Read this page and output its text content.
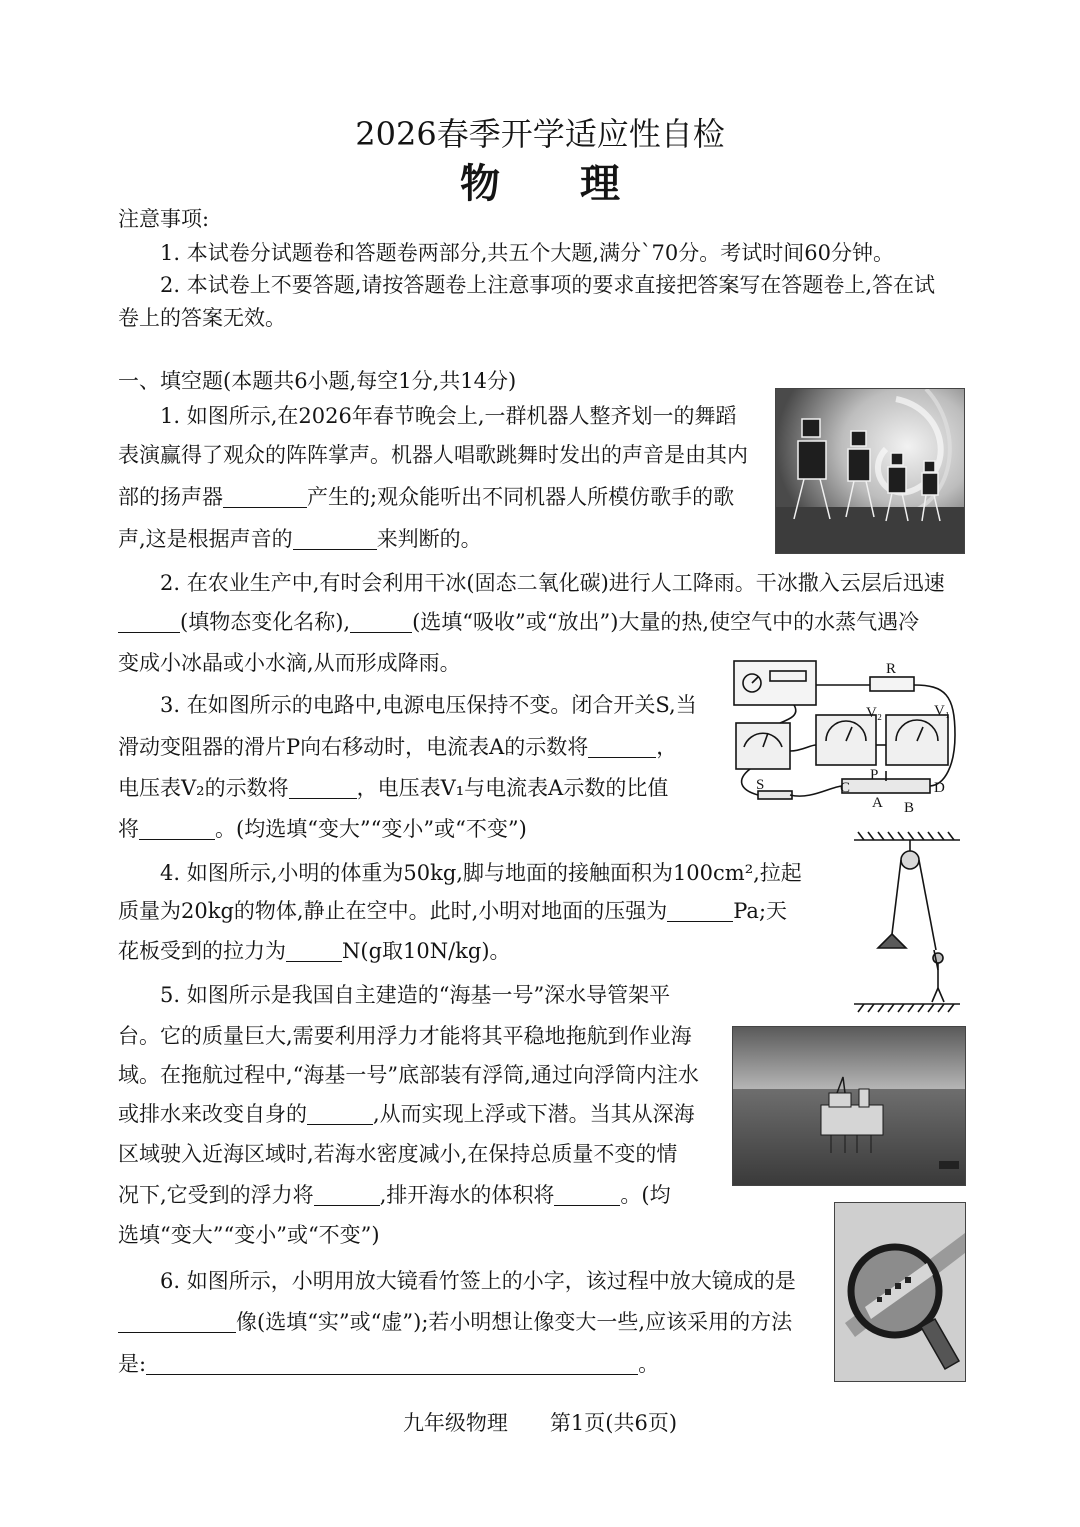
2026春季开学适应性自检
物　　理
注意事项:
1. 本试卷分试题卷和答题卷两部分,共五个大题,满分`70分。考试时间60分钟。
2. 本试卷上不要答题,请按答题卷上注意事项的要求直接把答案写在答题卷上,答在试
卷上的答案无效。
一、填空题(本题共6小题,每空1分,共14分)
1. 如图所示,在2026年春节晚会上,一群机器人整齐划一的舞蹈
表演赢得了观众的阵阵掌声。机器人唱歌跳舞时发出的声音是由其内
部的扬声器	产生的;观众能听出不同机器人所模仿歌手的歌
声,这是根据声音的	来判断的。
2. 在农业生产中,有时会利用干冰(固态二氧化碳)进行人工降雨。干冰撒入云层后迅速
(填物态变化名称),	(选填“吸收”或“放出”)大量的热,使空气中的水蒸气遇冷
变成小冰晶或小水滴,从而形成降雨。
3. 在如图所示的电路中,电源电压保持不变。闭合开关S,当
滑动变阻器的滑片P向右移动时，电流表A的示数将	，
电压表V₂的示数将	，电压表V₁与电流表A示数的比值
将	。(均选填“变大”“变小”或“不变”)
R
V₂	V₁
S	C
P
D
A B
4. 如图所示,小明的体重为50kg,脚与地面的接触面积为100cm²,拉起
质量为20kg的物体,静止在空中。此时,小明对地面的压强为	Pa;天
花板受到的拉力为	N(g取10N/kg)。
5. 如图所示是我国自主建造的“海基一号”深水导管架平
台。它的质量巨大,需要利用浮力才能将其平稳地拖航到作业海
域。在拖航过程中,“海基一号”底部装有浮筒,通过向浮筒内注水
或排水来改变自身的	,从而实现上浮或下潜。当其从深海
区域驶入近海区域时,若海水密度减小,在保持总质量不变的情
况下,它受到的浮力将	,排开海水的体积将	。(均
选填“变大”“变小”或“不变”)
6. 如图所示，小明用放大镜看竹签上的小字，该过程中放大镜成的是
像(选填“实”或“虚”);若小明想让像变大一些,应该采用的方法
是:	。
九年级物理　　第1页(共6页)
